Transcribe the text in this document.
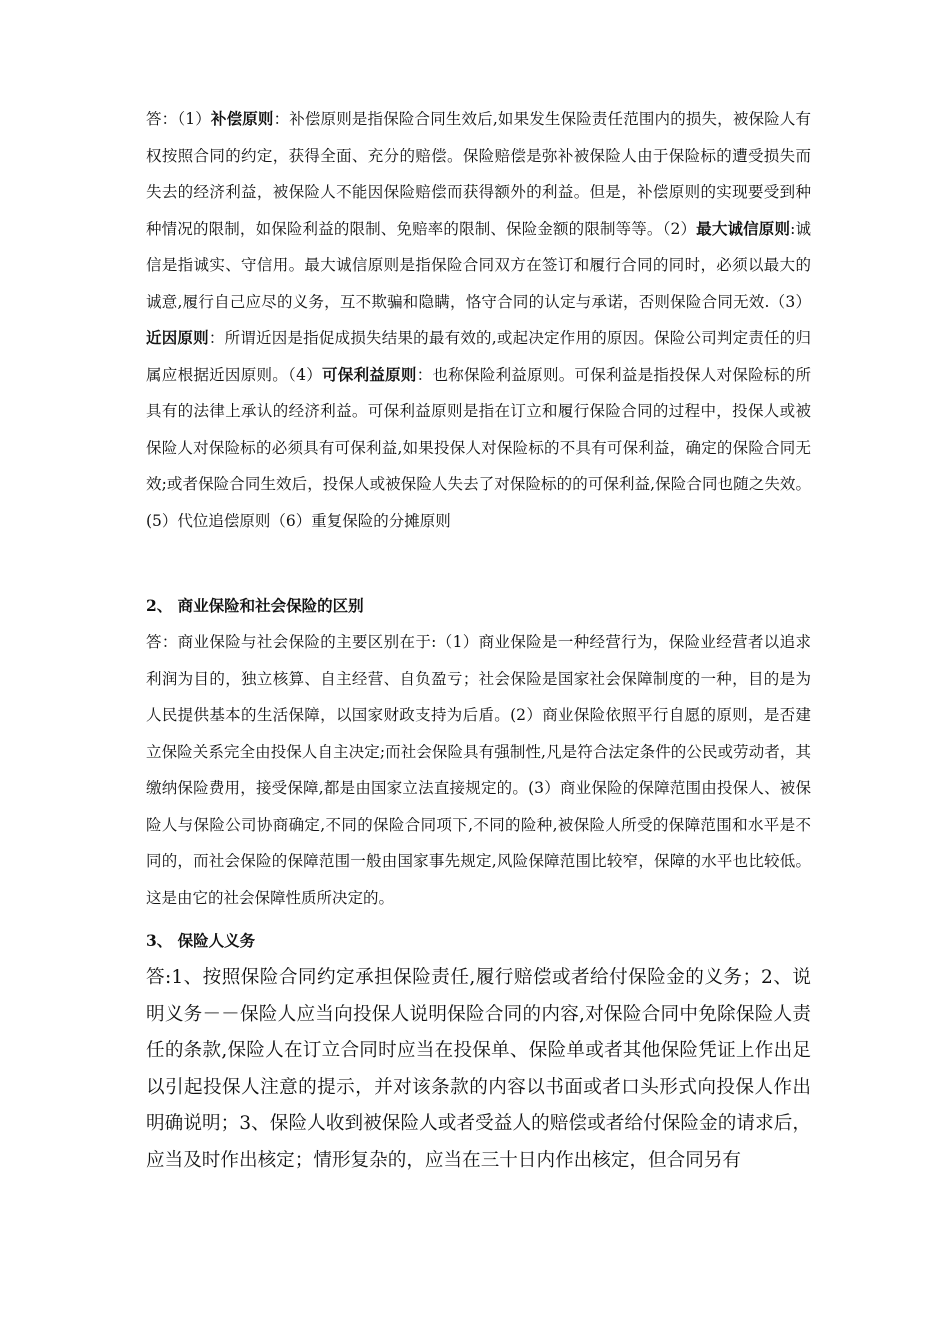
答：（1）补偿原则：补偿原则是指保险合同生效后,如果发生保险责任范围内的损失，被保险人有权按照合同的约定，获得全面、充分的赔偿。保险赔偿是弥补被保险人由于保险标的遭受损失而失去的经济利益，被保险人不能因保险赔偿而获得额外的利益。但是，补偿原则的实现要受到种种情况的限制，如保险利益的限制、免赔率的限制、保险金额的限制等等。（2）最大诚信原则:诚信是指诚实、守信用。最大诚信原则是指保险合同双方在签订和履行合同的同时，必须以最大的诚意,履行自己应尽的义务，互不欺骗和隐瞒，恪守合同的认定与承诺，否则保险合同无效.（3）近因原则：所谓近因是指促成损失结果的最有效的,或起决定作用的原因。保险公司判定责任的归属应根据近因原则。（4）可保利益原则：也称保险利益原则。可保利益是指投保人对保险标的所具有的法律上承认的经济利益。可保利益原则是指在订立和履行保险合同的过程中，投保人或被保险人对保险标的必须具有可保利益,如果投保人对保险标的不具有可保利益，确定的保险合同无效;或者保险合同生效后，投保人或被保险人失去了对保险标的的可保利益,保险合同也随之失效。(5）代位追偿原则（6）重复保险的分摊原则

2、 商业保险和社会保险的区别

答：商业保险与社会保险的主要区别在于:（1）商业保险是一种经营行为，保险业经营者以追求利润为目的，独立核算、自主经营、自负盈亏；社会保险是国家社会保障制度的一种，目的是为人民提供基本的生活保障，以国家财政支持为后盾。(2）商业保险依照平行自愿的原则，是否建立保险关系完全由投保人自主决定;而社会保险具有强制性,凡是符合法定条件的公民或劳动者，其缴纳保险费用，接受保障,都是由国家立法直接规定的。(3）商业保险的保障范围由投保人、被保险人与保险公司协商确定,不同的保险合同项下,不同的险种,被保险人所受的保障范围和水平是不同的，而社会保险的保障范围一般由国家事先规定,风险保障范围比较窄，保障的水平也比较低。这是由它的社会保障性质所决定的。

3、 保险人义务

答:1、按照保险合同约定承担保险责任,履行赔偿或者给付保险金的义务；2、说明义务－－保险人应当向投保人说明保险合同的内容,对保险合同中免除保险人责任的条款,保险人在订立合同时应当在投保单、保险单或者其他保险凭证上作出足以引起投保人注意的提示，并对该条款的内容以书面或者口头形式向投保人作出明确说明；3、保险人收到被保险人或者受益人的赔偿或者给付保险金的请求后，应当及时作出核定；情形复杂的，应当在三十日内作出核定，但合同另有
